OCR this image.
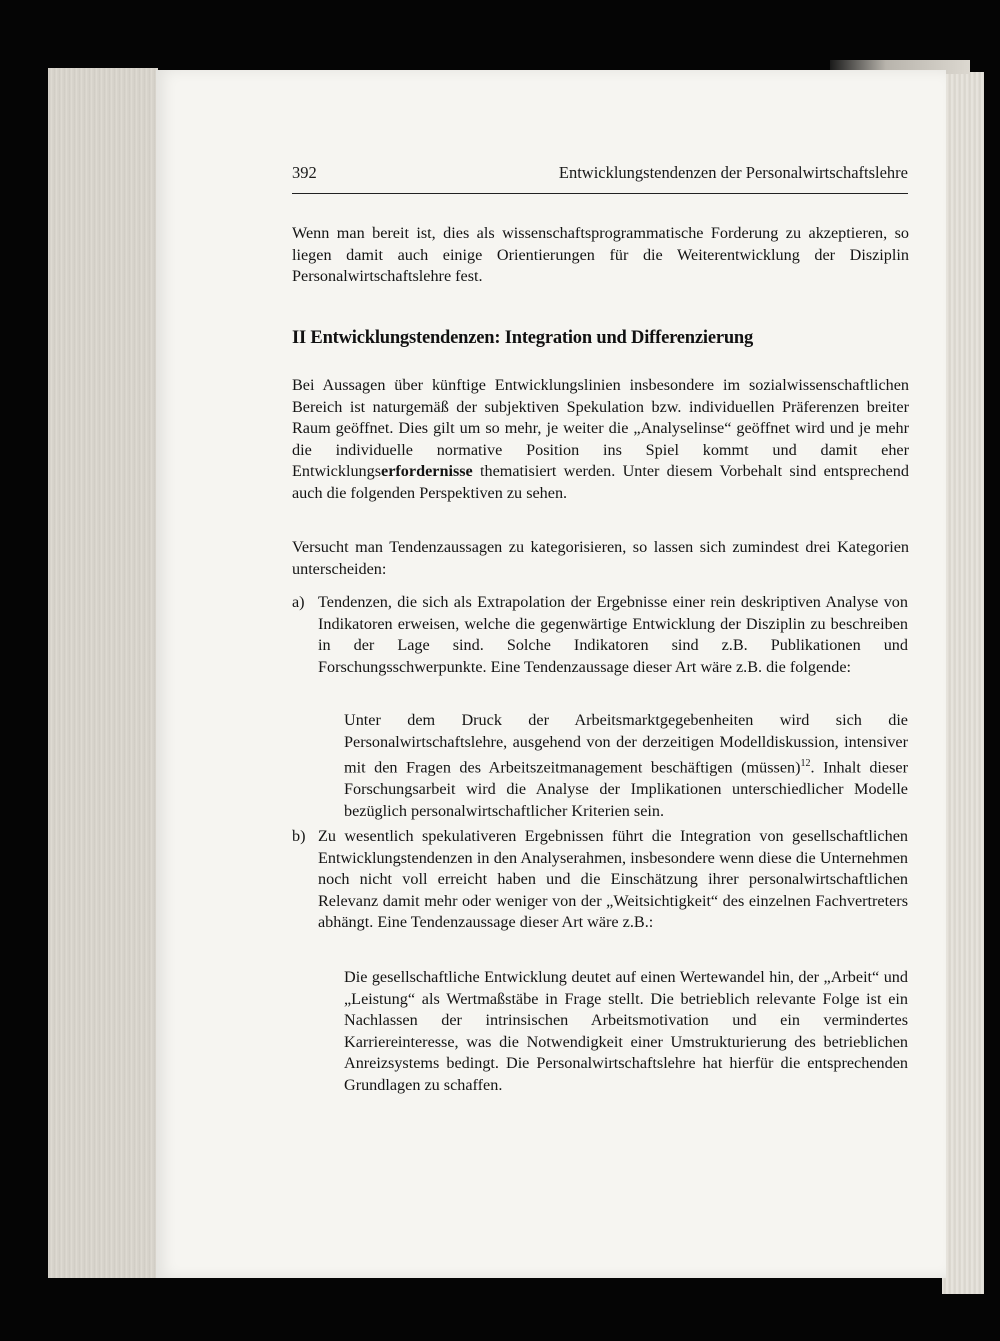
392	Entwicklungstendenzen der Personalwirtschaftslehre

Wenn man bereit ist, dies als wissenschaftsprogrammatische Forderung zu akzeptieren, so liegen damit auch einige Orientierungen für die Weiterentwicklung der Disziplin Personalwirtschaftslehre fest.

II Entwicklungstendenzen: Integration und Differenzierung

Bei Aussagen über künftige Entwicklungslinien insbesondere im sozialwissenschaftlichen Bereich ist naturgemäß der subjektiven Spekulation bzw. individuellen Präferenzen breiter Raum geöffnet. Dies gilt um so mehr, je weiter die „Analyselinse“ geöffnet wird und je mehr die individuelle normative Position ins Spiel kommt und damit eher Entwicklungserfordernisse thematisiert werden. Unter diesem Vorbehalt sind entsprechend auch die folgenden Perspektiven zu sehen.

Versucht man Tendenzaussagen zu kategorisieren, so lassen sich zumindest drei Kategorien unterscheiden:

a) Tendenzen, die sich als Extrapolation der Ergebnisse einer rein deskriptiven Analyse von Indikatoren erweisen, welche die gegenwärtige Entwicklung der Disziplin zu beschreiben in der Lage sind. Solche Indikatoren sind z.B. Publikationen und Forschungsschwerpunkte. Eine Tendenzaussage dieser Art wäre z.B. die folgende:

Unter dem Druck der Arbeitsmarktgegebenheiten wird sich die Personalwirtschaftslehre, ausgehend von der derzeitigen Modelldiskussion, intensiver mit den Fragen des Arbeitszeitmanagement beschäftigen (müssen)$^{12}$. Inhalt dieser Forschungsarbeit wird die Analyse der Implikationen unterschiedlicher Modelle bezüglich personalwirtschaftlicher Kriterien sein.

b) Zu wesentlich spekulativeren Ergebnissen führt die Integration von gesellschaftlichen Entwicklungstendenzen in den Analyserahmen, insbesondere wenn diese die Unternehmen noch nicht voll erreicht haben und die Einschätzung ihrer personalwirtschaftlichen Relevanz damit mehr oder weniger von der „Weitsichtigkeit“ des einzelnen Fachvertreters abhängt. Eine Tendenzaussage dieser Art wäre z.B.:

Die gesellschaftliche Entwicklung deutet auf einen Wertewandel hin, der „Arbeit“ und „Leistung“ als Wertmaßstäbe in Frage stellt. Die betrieblich relevante Folge ist ein Nachlassen der intrinsischen Arbeitsmotivation und ein vermindertes Karriereinteresse, was die Notwendigkeit einer Umstrukturierung des betrieblichen Anreizsystems bedingt. Die Personalwirtschaftslehre hat hierfür die entsprechenden Grundlagen zu schaffen.
